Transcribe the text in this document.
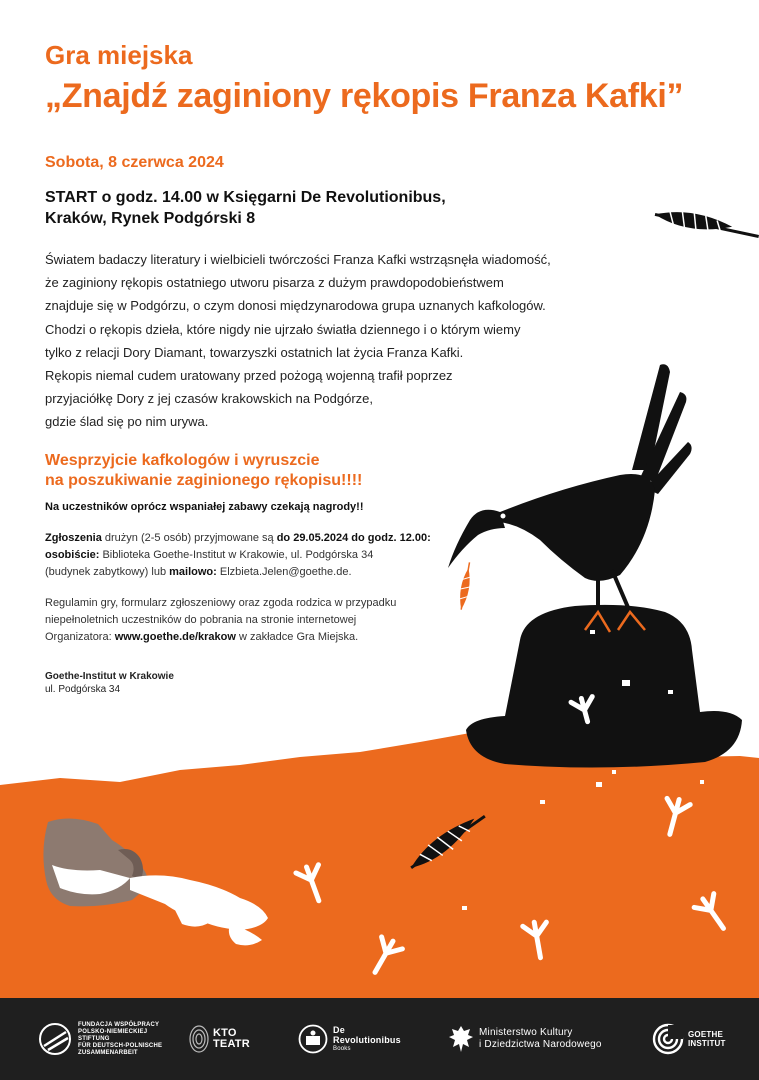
Gra miejska
„Znajdź zaginiony rękopis Franza Kafki”
Sobota, 8 czerwca 2024
START o godz. 14.00 w Księgarni De Revolutionibus,
Kraków, Rynek Podgórski 8
Światem badaczy literatury i wielbicieli twórczości Franza Kafki wstrząsnęła wiadomość,
że zaginiony rękopis ostatniego utworu pisarza z dużym prawdopodobieństwem
znajduje się w Podgórzu, o czym donosi międzynarodowa grupa uznanych kafkologów.
Chodzi o rękopis dzieła, które nigdy nie ujrzało światła dziennego i o którym wiemy
tylko z relacji Dory Diamant, towarzyszki ostatnich lat życia Franza Kafki.
Rękopis niemal cudem uratowany przed pożogą wojenną trafił poprzez
przyjaciółkę Dory z jej czasów krakowskich na Podgórze,
gdzie ślad się po nim urywa.
Wesprzyjcie kafkologów i wyruszcie
na poszukiwanie zaginionego rękopisu!!!!
Na uczestników oprócz wspaniałej zabawy czekają nagrody!!
Zgłoszenia drużyn (2-5 osób) przyjmowane są do 29.05.2024 do godz. 12.00:
osobiście: Biblioteka Goethe-Institut w Krakowie, ul. Podgórska 34
(budynek zabytkowy) lub mailowo: Elzbieta.Jelen@goethe.de.
Regulamin gry, formularz zgłoszeniowy oraz zgoda rodzica w przypadku
niepełnoletnich uczestników do pobrania na stronie internetowej
Organizatora: www.goethe.de/krakow w zakładce Gra Miejska.
Goethe-Institut w Krakowie
ul. Podgórska 34
FUNDACJA WSPÓŁPRACY
POLSKO-NIEMIECKIEJ
STIFTUNG
FÜR DEUTSCH-POLNISCHE
ZUSAMMENARBEIT
KTO
TEATR
De
Revolutionibus
Books
Ministerstwo Kultury
i Dziedzictwa Narodowego
GOETHE
INSTITUT
